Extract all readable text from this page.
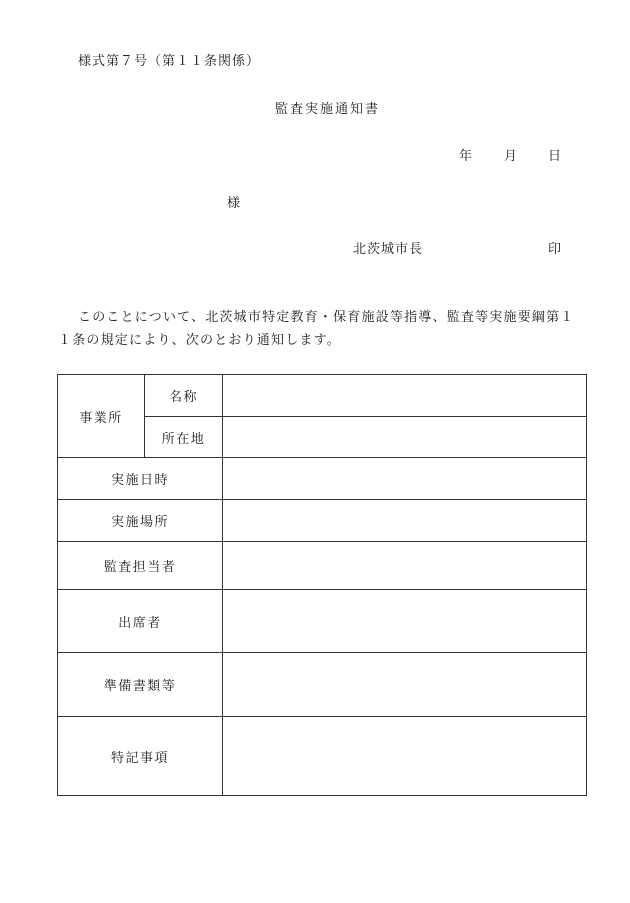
様式第７号（第１１条関係）
監査実施通知書
年 月 日
様
北茨城市長	印
このことについて、北茨城市特定教育・保育施設等指導、監査等実施要綱第１１条の規定により、次のとおり通知します。
事業所	名称	
	所在地	
実施日時		
実施場所		
監査担当者		
出席者		
準備書類等		
特記事項		
